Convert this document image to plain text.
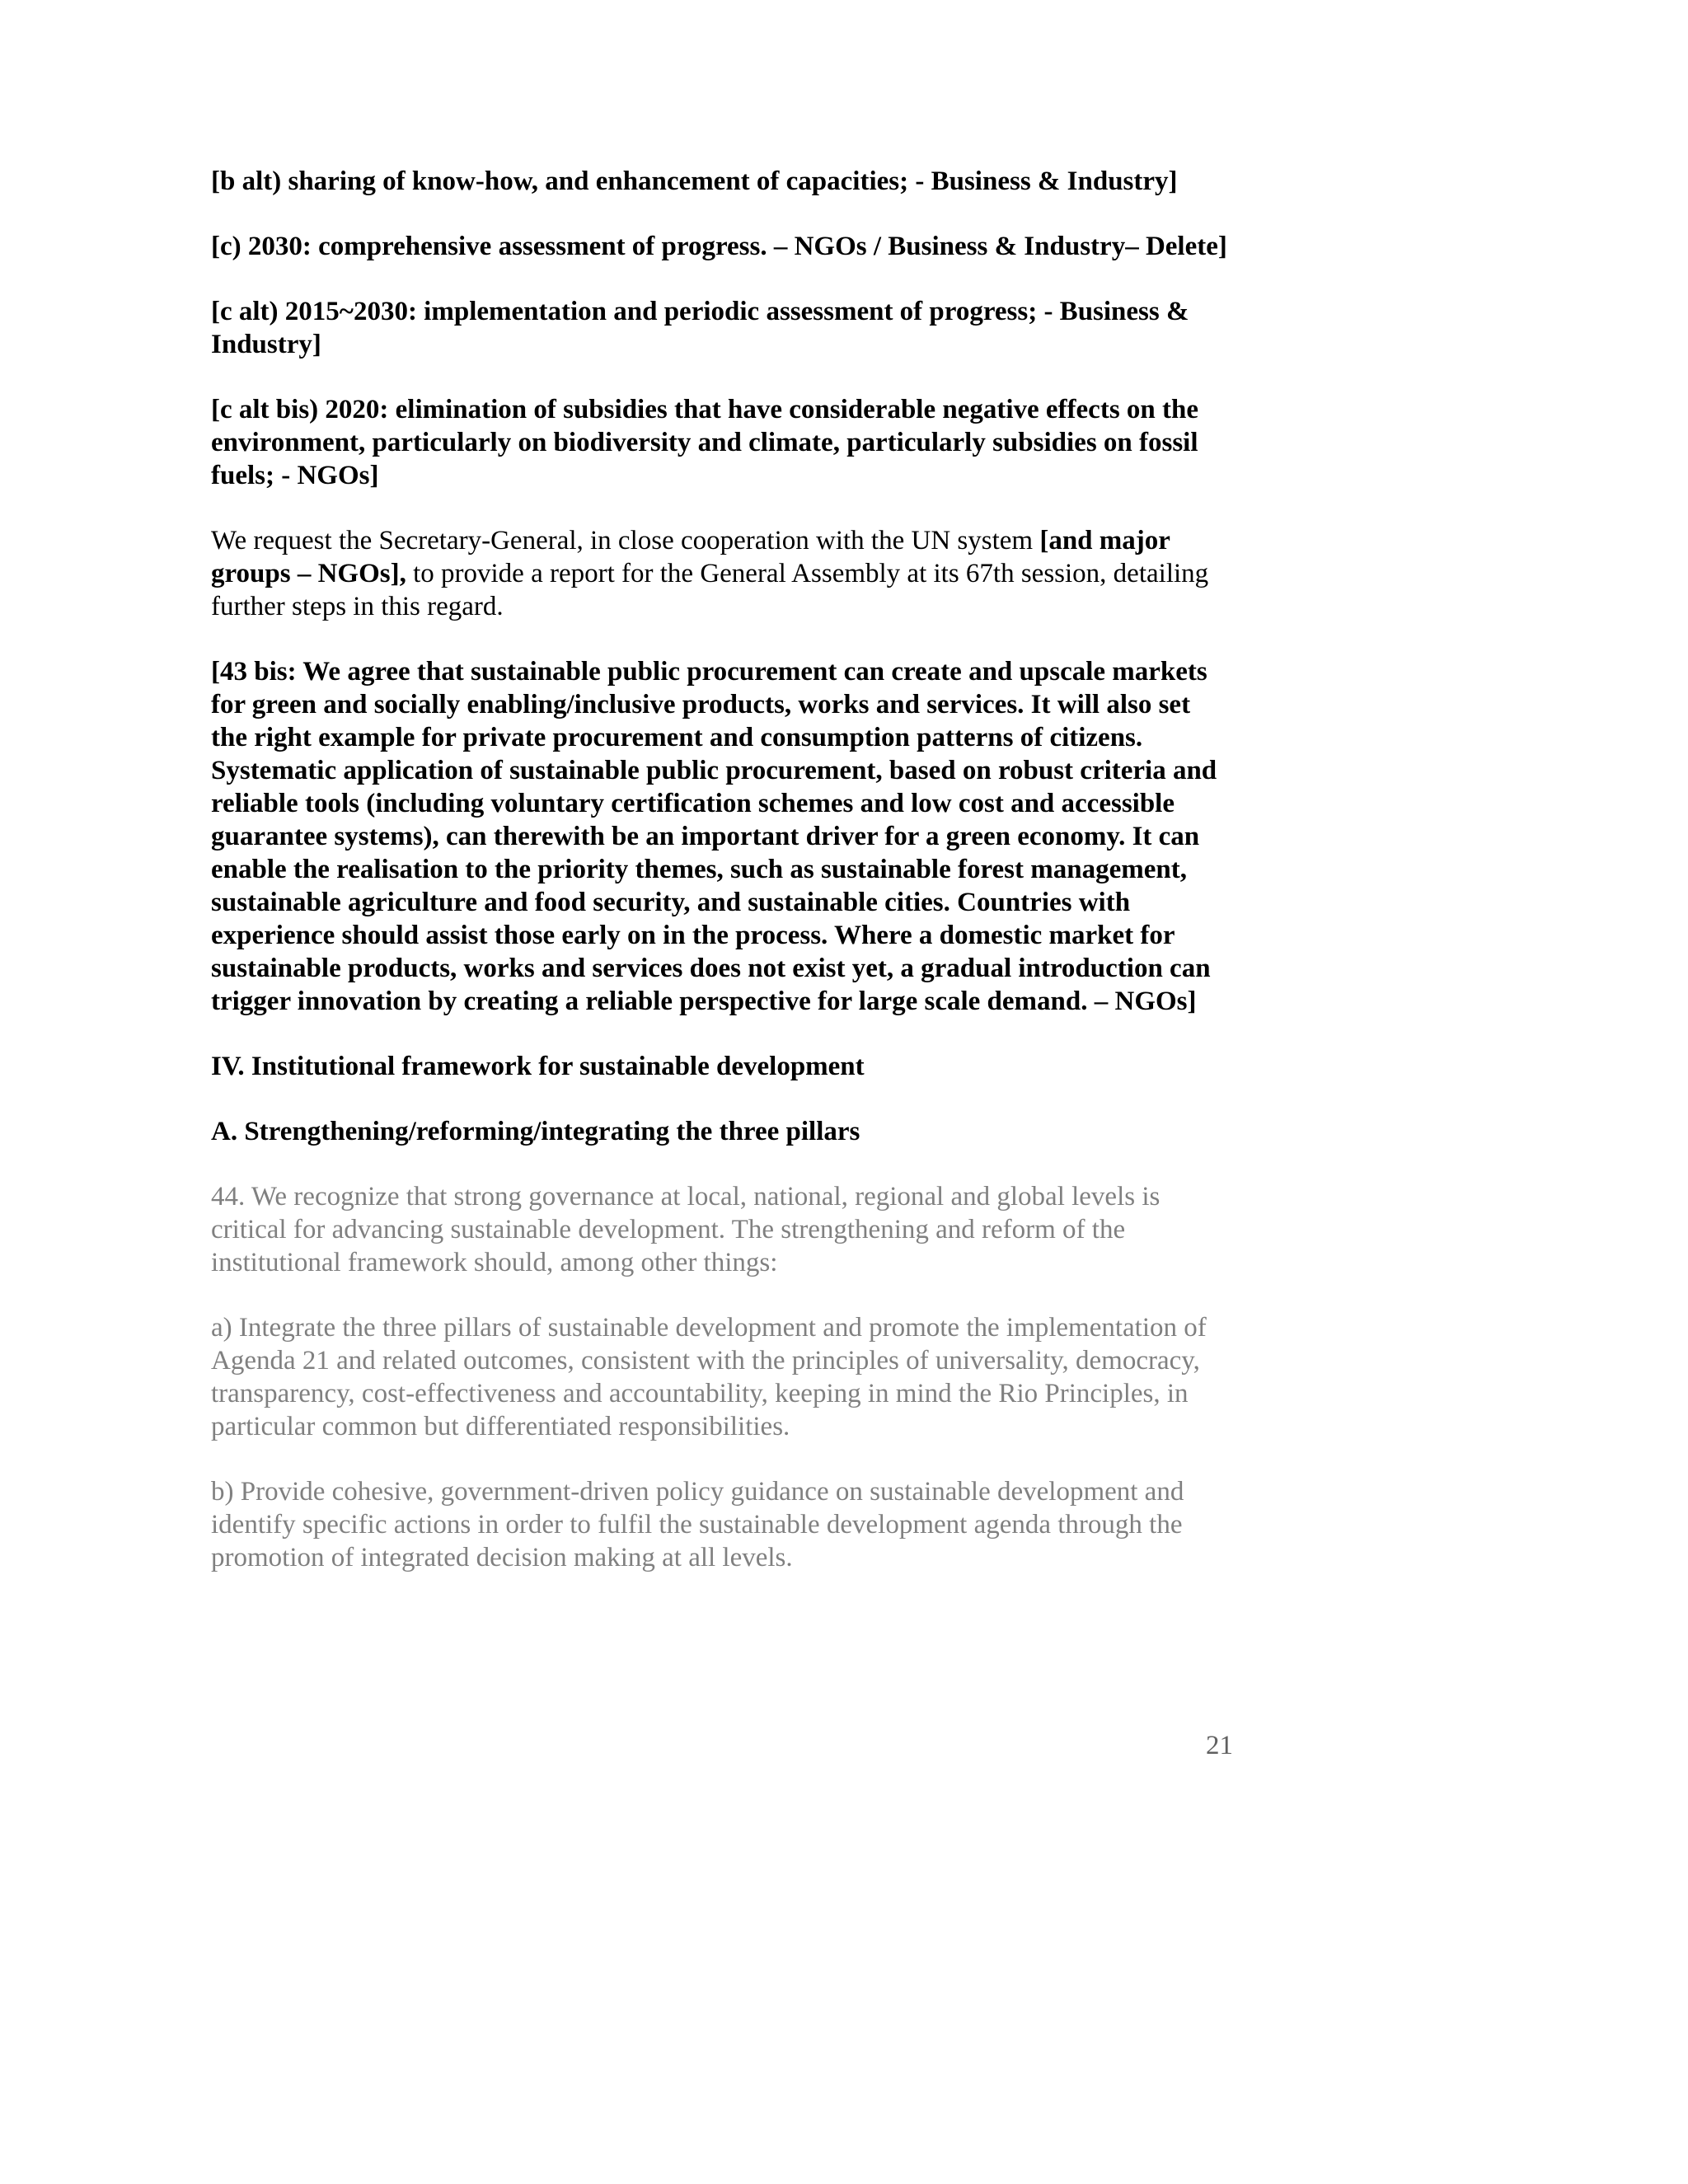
[b alt) sharing of know-how, and enhancement of capacities; - Business & Industry]

[c) 2030: comprehensive assessment of progress. – NGOs / Business & Industry– Delete]

[c alt) 2015~2030: implementation and periodic assessment of progress; - Business & Industry]

[c alt bis) 2020: elimination of subsidies that have considerable negative effects on the environment, particularly on biodiversity and climate, particularly subsidies on fossil fuels; - NGOs]

We request the Secretary-General, in close cooperation with the UN system [and major groups – NGOs], to provide a report for the General Assembly at its 67th session, detailing further steps in this regard.

[43 bis: We agree that sustainable public procurement can create and upscale markets for green and socially enabling/inclusive products, works and services. It will also set the right example for private procurement and consumption patterns of citizens. Systematic application of sustainable public procurement, based on robust criteria and reliable tools (including voluntary certification schemes and low cost and accessible guarantee systems), can therewith be an important driver for a green economy. It can enable the realisation to the priority themes, such as sustainable forest management, sustainable agriculture and food security, and sustainable cities. Countries with experience should assist those early on in the process. Where a domestic market for sustainable products, works and services does not exist yet, a gradual introduction can trigger innovation by creating a reliable perspective for large scale demand. – NGOs]

IV. Institutional framework for sustainable development

A. Strengthening/reforming/integrating the three pillars

44. We recognize that strong governance at local, national, regional and global levels is critical for advancing sustainable development. The strengthening and reform of the institutional framework should, among other things:

a) Integrate the three pillars of sustainable development and promote the implementation of Agenda 21 and related outcomes, consistent with the principles of universality, democracy, transparency, cost-effectiveness and accountability, keeping in mind the Rio Principles, in particular common but differentiated responsibilities.

b) Provide cohesive, government-driven policy guidance on sustainable development and identify specific actions in order to fulfil the sustainable development agenda through the promotion of integrated decision making at all levels.

21
